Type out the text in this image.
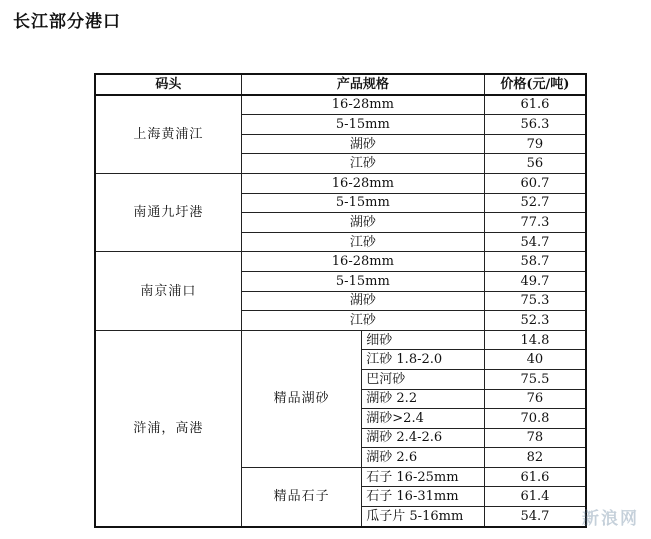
长江部分港口
码头	产品规格		价格(元/吨)
上海黄浦江	16-28mm		61.6
	5-15mm		56.3
	湖砂		79
	江砂		56
南通九圩港	16-28mm		60.7
	5-15mm		52.7
	湖砂		77.3
	江砂		54.7
南京浦口	16-28mm		58.7
	5-15mm		49.7
	湖砂		75.3
	江砂		52.3
浒浦，高港	精品湖砂	细砂	14.8
		江砂 1.8-2.0	40
		巴河砂	75.5
		湖砂 2.2	76
		湖砂>2.4	70.8
		湖砂 2.4-2.6	78
		湖砂 2.6	82
	精品石子	石子 16-25mm	61.6
		石子 16-31mm	61.4
		瓜子片 5-16mm	54.7 新浪网
